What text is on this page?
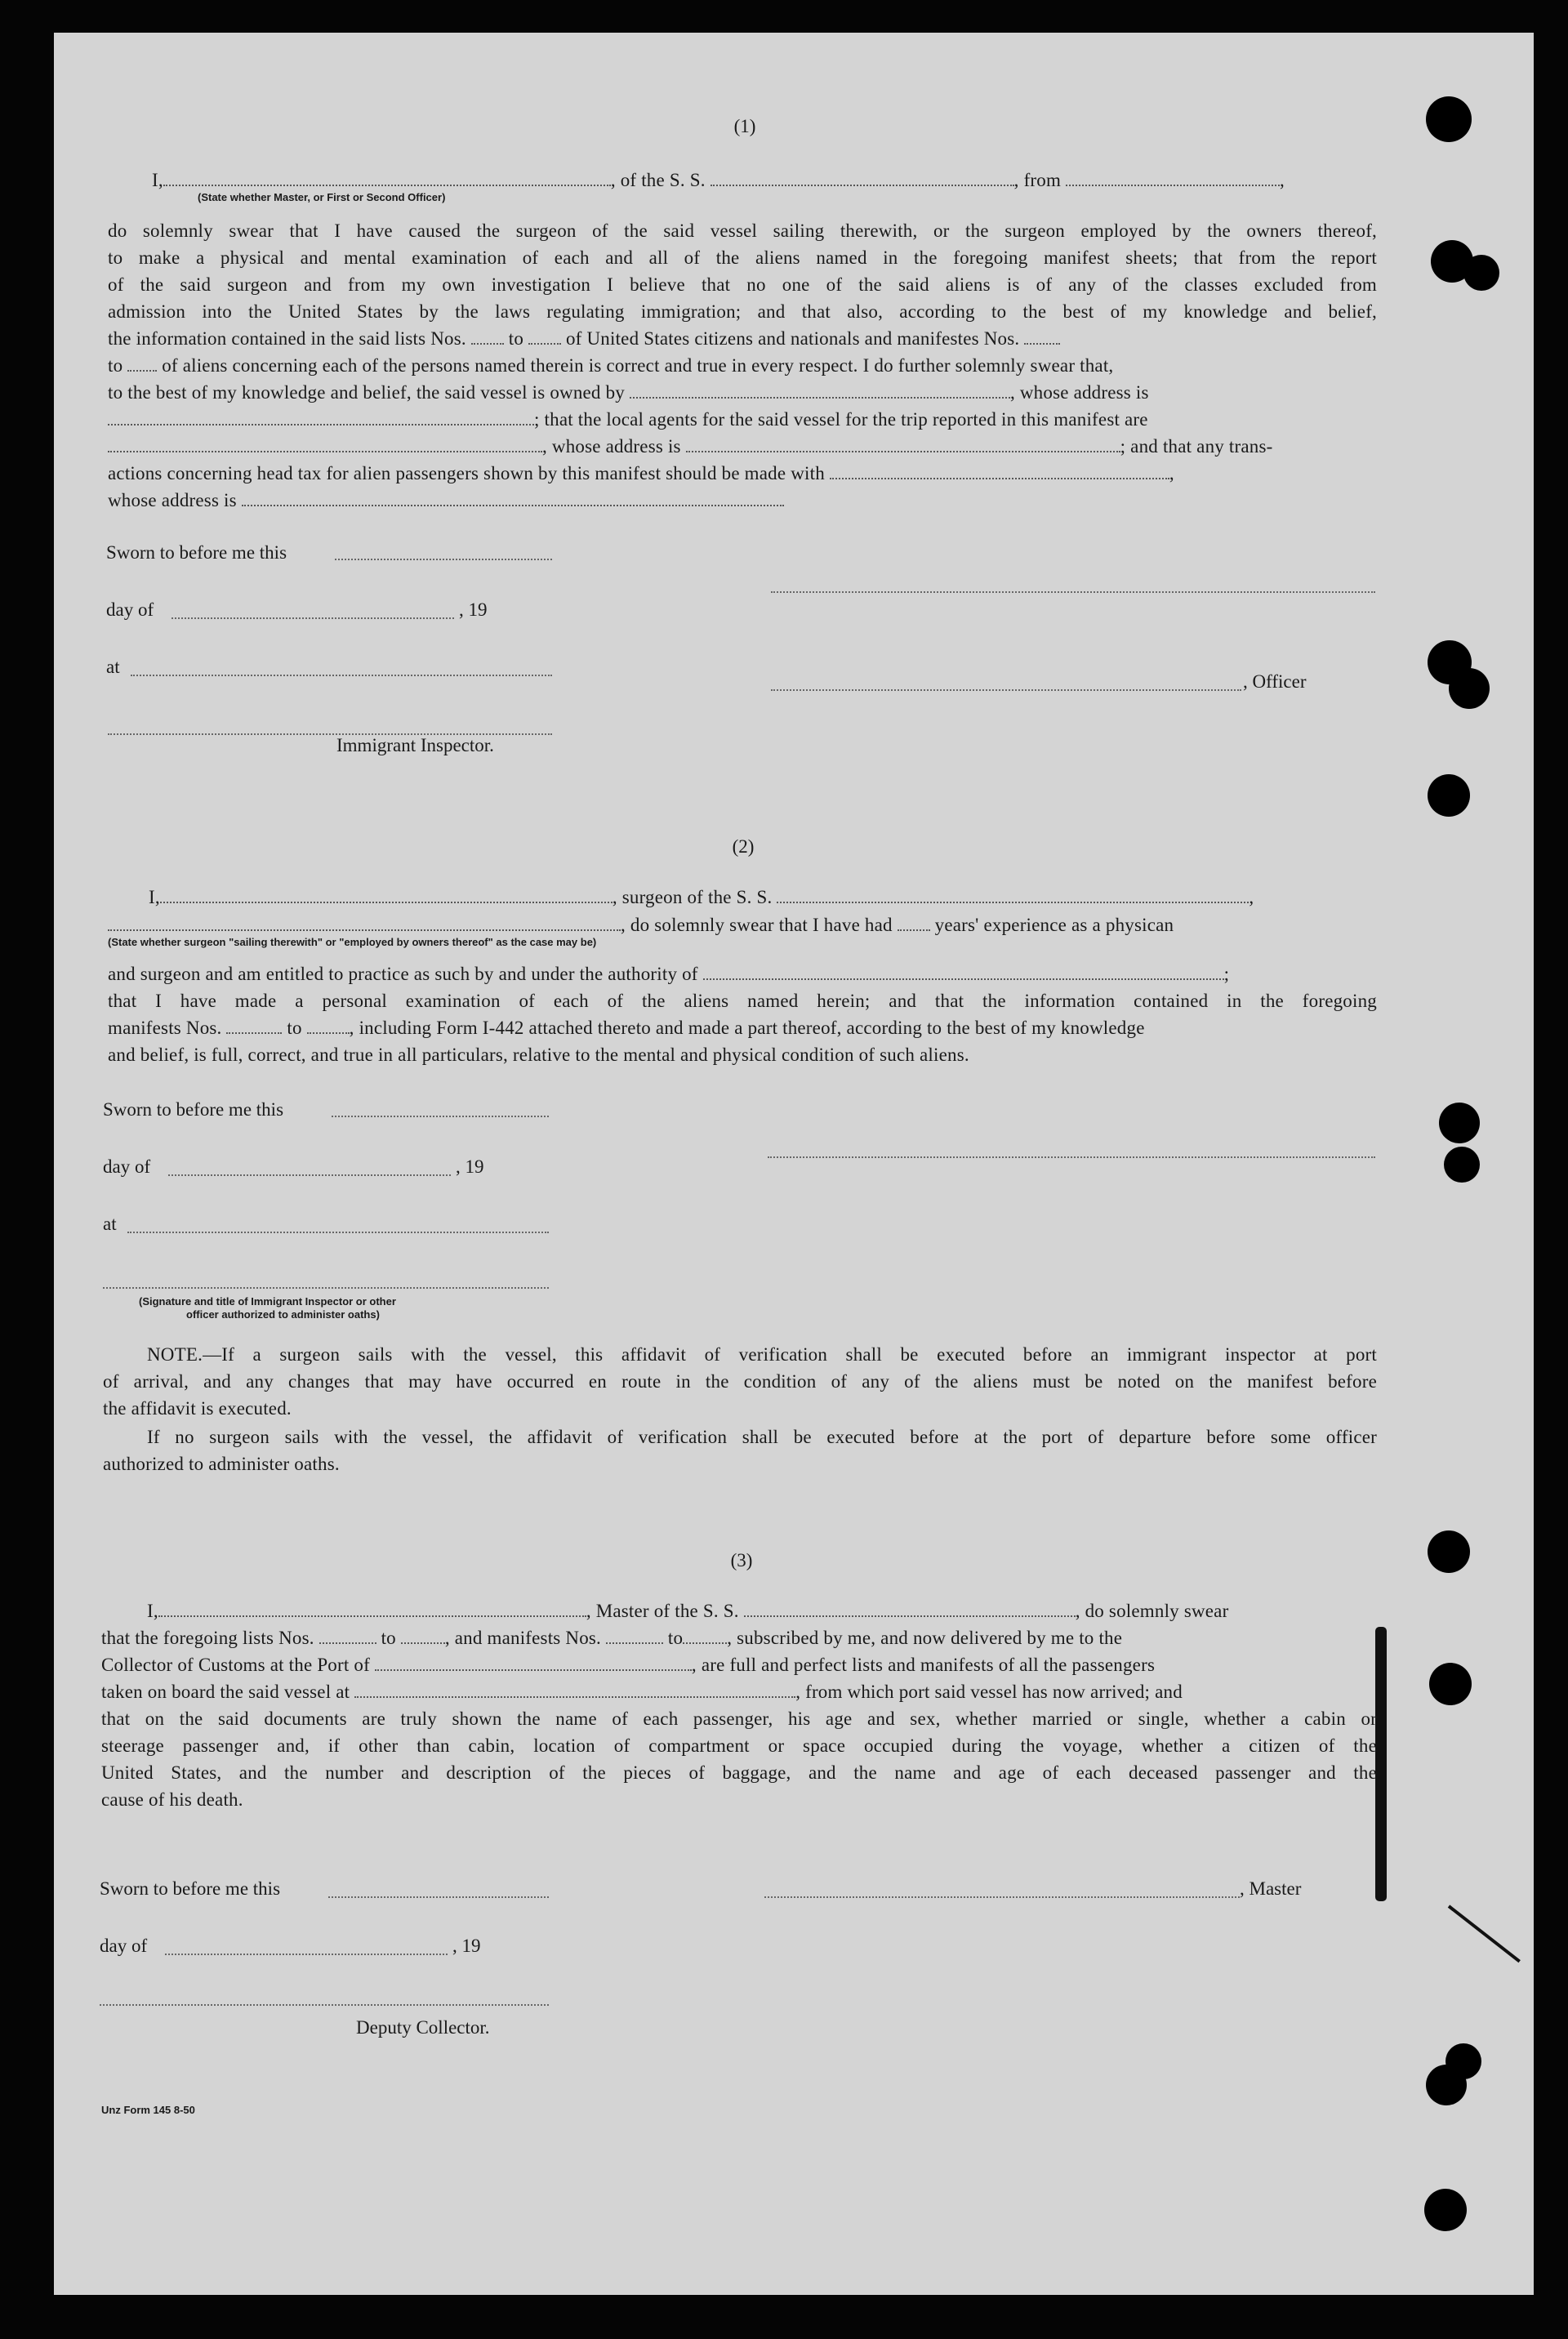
(1)
I,	, of the S. S.	, from	,
(State whether Master, or First or Second Officer)
do solemnly swear that I have caused the surgeon of the said vessel sailing therewith, or the surgeon employed by the owners thereof,
to make a physical and mental examination of each and all of the aliens named in the foregoing manifest sheets; that from the report
of the said surgeon and from my own investigation I believe that no one of the said aliens is of any of the classes excluded from
admission into the United States by the laws regulating immigration; and that also, according to the best of my knowledge and belief,
the information contained in the said lists Nos. to of United States citizens and nationals and manifestes Nos.
to of aliens concerning each of the persons named therein is correct and true in every respect. I do further solemnly swear that,
to the best of my knowledge and belief, the said vessel is owned by	, whose address is
; that the local agents for the said vessel for the trip reported in this manifest are
, whose address is	; and that any trans-
actions concerning head tax for alien passengers shown by this manifest should be made with	,
whose address is
Sworn to before me this
day of	, 19
at
, Officer
Immigrant Inspector.
(2)
I,	, surgeon of the S. S.	,
, do solemnly swear that I have had years' experience as a physican
(State whether surgeon "sailing therewith" or "employed by owners thereof" as the case may be)
and surgeon and am entitled to practice as such by and under the authority of	;
that I have made a personal examination of each of the aliens named herein; and that the information contained in the foregoing
manifests Nos.	to	, including Form I-442 attached thereto and made a part thereof, according to the best of my knowledge
and belief, is full, correct, and true in all particulars, relative to the mental and physical condition of such aliens.
Sworn to before me this
day of	, 19
at
(Signature and title of Immigrant Inspector or other
officer authorized to administer oaths)
NOTE.—If a surgeon sails with the vessel, this affidavit of verification shall be executed before an immigrant inspector at port
of arrival, and any changes that may have occurred en route in the condition of any of the aliens must be noted on the manifest before
the affidavit is executed.
If no surgeon sails with the vessel, the affidavit of verification shall be executed before at the port of departure before some officer
authorized to administer oaths.
(3)
I,	, Master of the S. S.	, do solemnly swear
that the foregoing lists Nos.	to	, and manifests Nos.	to , subscribed by me, and now delivered by me to the
Collector of Customs at the Port of	, are full and perfect lists and manifests of all the passengers
taken on board the said vessel at	, from which port said vessel has now arrived; and
that on the said documents are truly shown the name of each passenger, his age and sex, whether married or single, whether a cabin or
steerage passenger and, if other than cabin, location of compartment or space occupied during the voyage, whether a citizen of the
United States, and the number and description of the pieces of baggage, and the name and age of each deceased passenger and the
cause of his death.
Sworn to before me this	, Master
day of	, 19
Deputy Collector.
Unz Form 145 8-50
